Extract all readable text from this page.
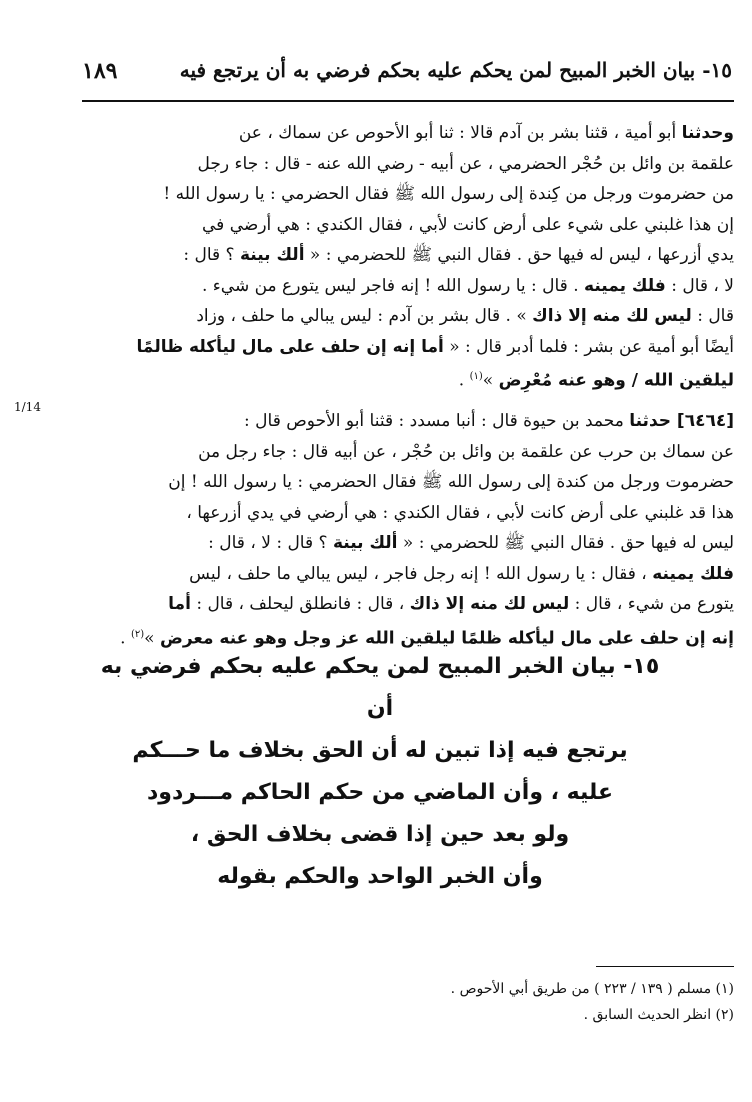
١٥- بيان الخبر المبيح لمن يحكم عليه بحكم فرضي به أن يرتجع فيه
١٨٩
1/14
وحدثنا أبو أمية ، قثنا بشر بن آدم قالا : ثنا أبو الأحوص عن سماك ، عن
علقمة بن وائل بن حُجْر الحضرمي ، عن أبيه - رضي الله عنه - قال : جاء رجل
من حضرموت ورجل من كِندة إلى رسول الله ﷺ فقال الحضرمي : يا رسول الله !
إن هذا غلبني على شيء على أرض كانت لأبي ، فقال الكندي : هي أرضي في
يدي أزرعها ، ليس له فيها حق . فقال النبي ﷺ للحضرمي : « ألك بينة ؟ قال :
لا ، قال : فلك يمينه . قال : يا رسول الله ! إنه فاجر ليس يتورع من شيء .
قال : ليس لك منه إلا ذاك » . قال بشر بن آدم : ليس يبالي ما حلف ، وزاد
أيضًا أبو أمية عن بشر : فلما أدبر قال : « أما إنه إن حلف على مال ليأكله ظالمًا
ليلقين الله / وهو عنه مُعْرِض »$^{(١)}$ .
[٦٤٦٤] حدثنا محمد بن حيوة قال : أنبا مسدد : قثنا أبو الأحوص قال :
عن سماك بن حرب عن علقمة بن وائل بن حُجْر ، عن أبيه قال : جاء رجل من
حضرموت ورجل من كندة إلى رسول الله ﷺ فقال الحضرمي : يا رسول الله ! إن
هذا قد غلبني على أرض كانت لأبي ، فقال الكندي : هي أرضي في يدي أزرعها ،
ليس له فيها حق . فقال النبي ﷺ للحضرمي : « ألك بينة ؟ قال : لا ، قال :
فلك يمينه ، فقال : يا رسول الله ! إنه رجل فاجر ، ليس يبالي ما حلف ، ليس
يتورع من شيء ، قال : ليس لك منه إلا ذاك ، قال : فانطلق ليحلف ، قال : أما
إنه إن حلف على مال ليأكله ظلمًا ليلقين الله عز وجل وهو عنه معرض »$^{(٢)}$ .
١٥- بيان الخبر المبيح لمن يحكم عليه بحكم فرضي به أن
يرتجع فيه إذا تبين له أن الحق بخلاف ما حـــكم
عليه ، وأن الماضي من حكم الحاكم مـــردود
ولو بعد حين إذا قضى بخلاف الحق ،
وأن الخبر الواحد والحكم بقوله
(١) مسلم ( ١٣٩ / ٢٢٣ ) من طريق أبي الأحوص .
(٢) انظر الحديث السابق .
